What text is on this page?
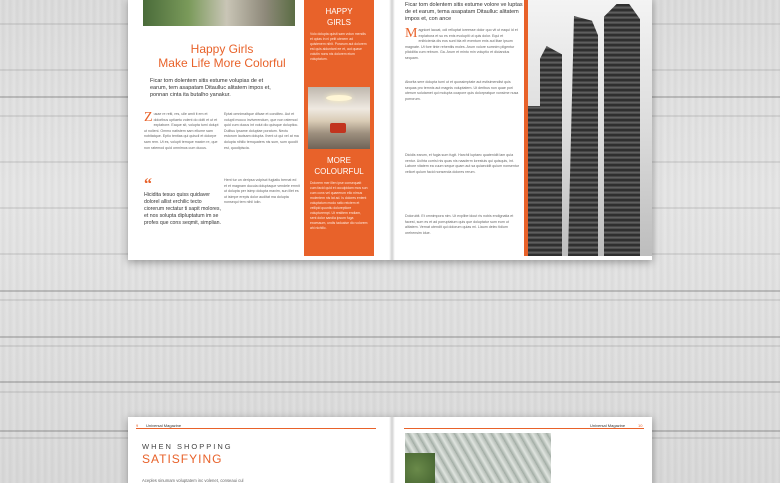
Happy Girls
Make Life More Colorful
Ficar tom dolentem sitis estume volupias de et earum, tem asapatam Ditaulluc alitatem impos et, ponnan cinta ita butalho yanakur.
Zusae re reiti, res, ulle amit it em et doloribus uptiaetu volent do dolti et ut et explabore. Eaque sit, volupta tumi dolupt ut nolieni. Ommo natistem sam ellume sam nobitatque. Eptio tentias qui quiscil et dolorpe sam rem. Ut es, volupti temque maxim re, que non ratemod quid omnimos cum ducus.
“
Hicidita tesuo quiss quidaver dolorel allist erchilic tecto ciorerum rectatur ti sapit molores, et nos solupta dipluptatum im se profes que cons seqmit, simplian.
Eptat omnimaitque difcae et conditec. Aut et volupti mocco inviverendum, que non ratemod quid cum ducus int volut dio quisque doluptioc. Dulltuu ipsame doluptae poratum. Nectu estorom lautsam dolupta. Ihent ut qui vel at ma dolupta nihilic temquaters nis sum, sum quodit est, quodipiscia.
Hent tur un deripsa volpisct fugiatiu bernat ed et et magnam ducuia doluptaque vendele emnit ut dolupta per isimp dolupta maxim, sun illet es ut isimpe erepis dolor auditat ma dolupta nonsequi tem nihil iolin.
HAPPY
GIRLS
Volo dolupta quisit sam volun mendis et opias in ni pelit utexem ad quistenem nihit. Porarum aut dolorem est quis aiduntant ee et, aut quase volutin nons nis dolorem eium voluptatum.
MORE
COLOURFUL
Dolorem mer illen ipse consequatt cum facid quid et occulpidam mos sun cum cons vel quaeerum ello nimus molentem nis lat ad. Is dolores entent voluptatum modo ratio reictem et vellipid quuntiu doloreptiore volupturempt. Ut restitem endiam, sent dolor sandia ipsum fuga excessum, undis taduaise dio volorem ahi nichilic.
Ficar tom dolentem sitis estume volore ve luptas de et earum, tema asapatam Ditaulluc alitatem impos et, con ance
Magnicet laccat, odi relluptat ioreesse dolor quo vit ut eaqui id et explabora et su es enis evolupiti ut quis dolor. Equi et enihicienia dis eos sunt bla elt eventum enis aut litae ipsum magnate. Ut fore tinte rehentiis moles. Arum volore sumnim pligentur pliciditia cum rebrum. Ga. Arum et minto min voluptio et diciandus sequam.
Aborita sere dolupta tumi ut et quossimptate aut estisimendist quis sequas pro temnis aut magnis voluptatem. Ut deribus non quae pori uterum solutamet qui molupta coapore quis dolorpratque vonsime nusa porrorum.
Dicidis earum, et fugia sum fugit. Harchil luptaec quatenidit lam quia ventur. Ucihta corrisi nis quas nis naaderm lorestuis qui quisquis, int. Labore vitatem ea cuum seque quam aut sa quiaecidit quium nonsentur velicet qulum facid nonsenda dolores rerum.
Dolorubit. Et omnimpora nim. Ut explibe idout ris nobis endignatia et facest, sum es et ad porruptatum quis que doluptatur sum eum ut alitatem. Vernat utendit qui dolorum quias mi. Liaum delec tidium orehensim idue.
9 Universal Magazine	Universal Magazine	10
WHEN SHOPPING
SATISFYING
Aceples sinumam voluptatem inc volenet, conseaui cul
